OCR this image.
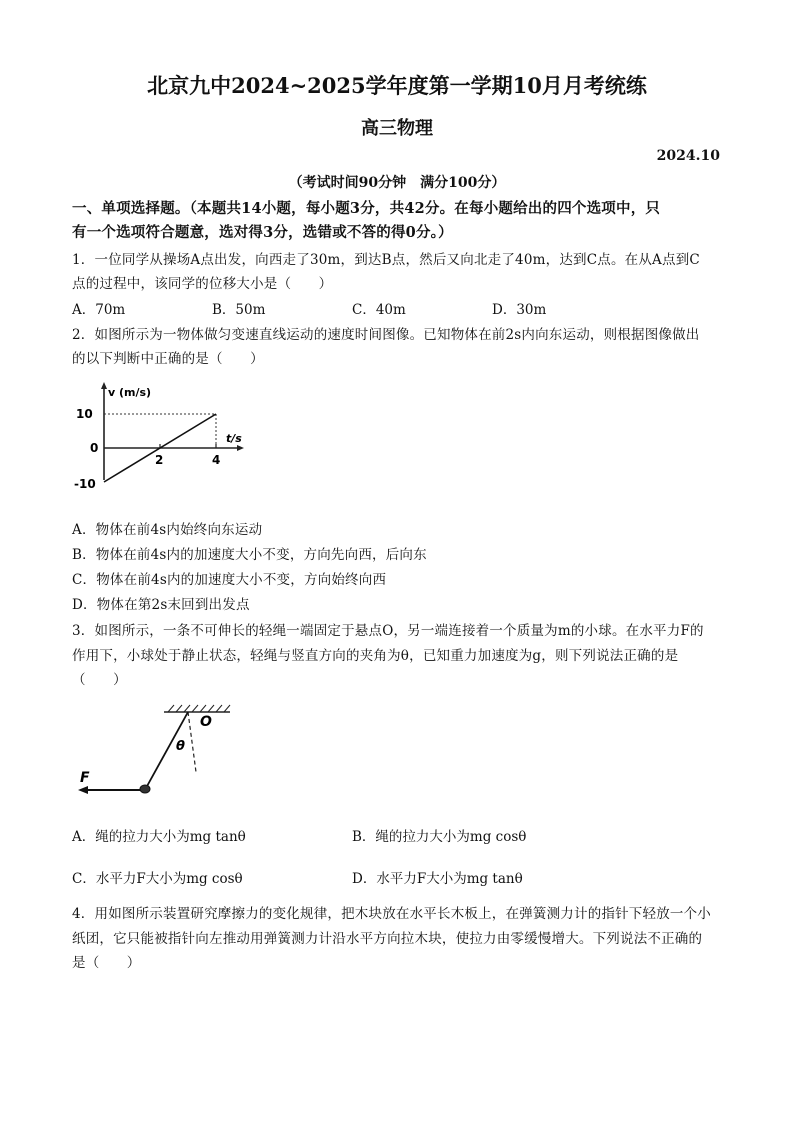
北京九中2024~2025学年度第一学期10月月考统练
高三物理
2024.10
（考试时间90分钟　满分100分）
一、单项选择题。（本题共14小题，每小题3分，共42分。在每小题给出的四个选项中，只
有一个选项符合题意，选对得3分，选错或不答的得0分。）
1．一位同学从操场A点出发，向西走了30m，到达B点，然后又向北走了40m，达到C点。在从A点到C
点的过程中，该同学的位移大小是（　　）
A．70m	B．50m	C．40m	D．30m
2．如图所示为一物体做匀变速直线运动的速度时间图像。已知物体在前2s内向东运动，则根据图像做出
的以下判断中正确的是（　　）
v (m/s)
t/s
10
0
-10
2	4
A．物体在前4s内始终向东运动
B．物体在前4s内的加速度大小不变，方向先向西，后向东
C．物体在前4s内的加速度大小不变，方向始终向西
D．物体在第2s末回到出发点
3．如图所示，一条不可伸长的轻绳一端固定于悬点O，另一端连接着一个质量为m的小球。在水平力F的
作用下，小球处于静止状态，轻绳与竖直方向的夹角为θ，已知重力加速度为g，则下列说法正确的是
（　　）
O
θ
F
A．绳的拉力大小为mg tanθ	B．绳的拉力大小为mg cosθ
C．水平力F大小为mg cosθ	D．水平力F大小为mg tanθ
4．用如图所示装置研究摩擦力的变化规律，把木块放在水平长木板上，在弹簧测力计的指针下轻放一个小
纸团，它只能被指针向左推动用弹簧测力计沿水平方向拉木块，使拉力由零缓慢增大。下列说法不正确的
是（　　）
